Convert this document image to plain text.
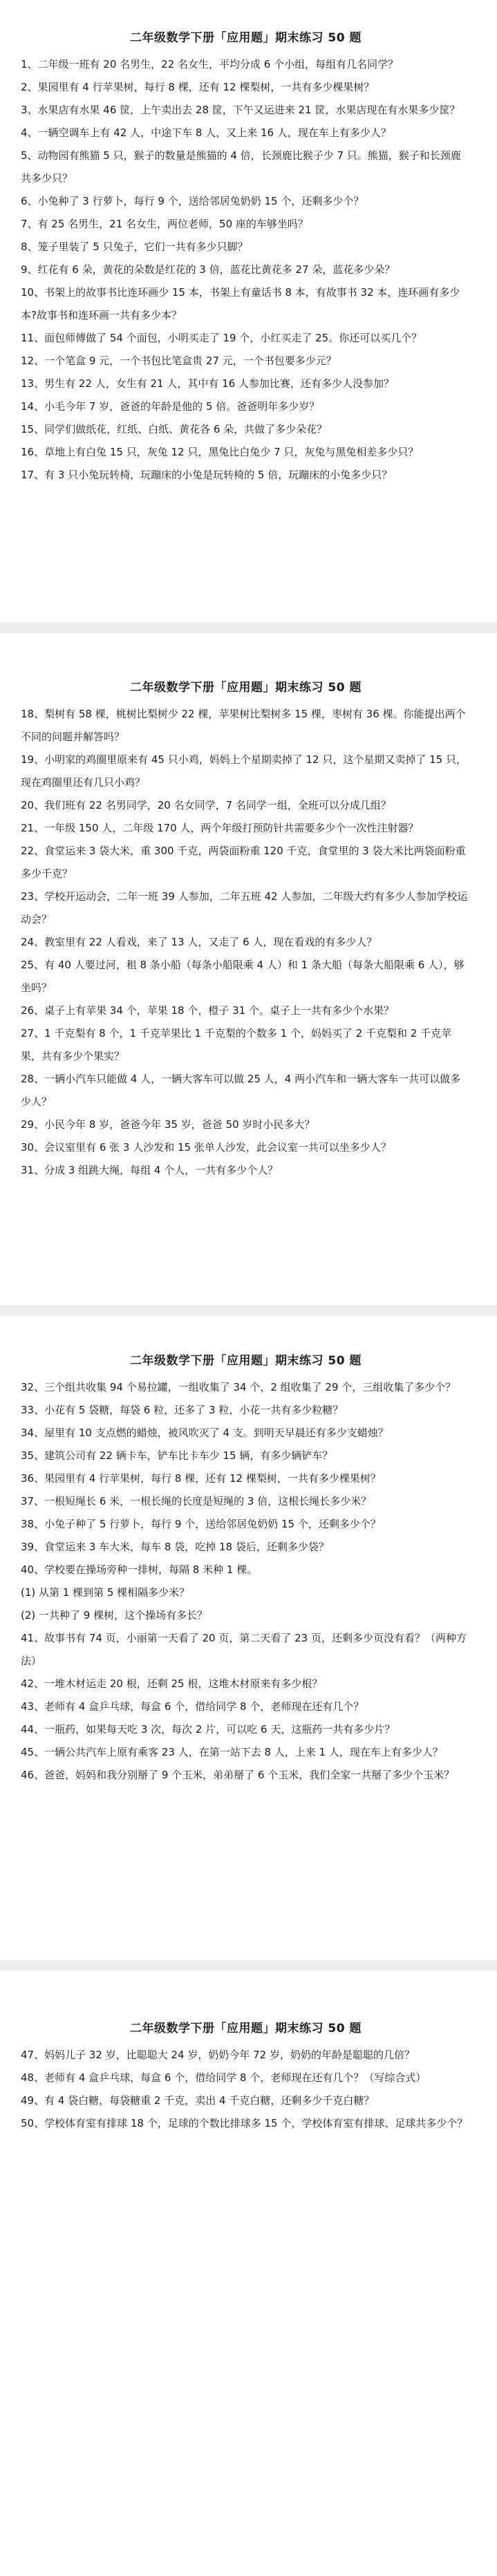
二年级数学下册「应用题」期末练习 50 题

1、二年级一班有 20 名男生，22 名女生，平均分成 6 个小组，每组有几名同学？

2、果园里有 4 行苹果树，每行 8 棵，还有 12 棵梨树，一共有多少棵果树？

3、水果店有水果 46 筐，上午卖出去 28 筐，下午又运进来 21 筐，水果店现在有水果多少筐？

4、一辆空调车上有 42 人，中途下车 8 人，又上来 16 人，现在车上有多少人？

5、动物园有熊猫 5 只，猴子的数量是熊猫的 4 倍，长颈鹿比猴子少 7 只。熊猫，猴子和长颈鹿共多少只？

6、小兔种了 3 行萝卜，每行 9 个，送给邻居兔奶奶 15 个，还剩多少个？

7、有 25 名男生，21 名女生，两位老师，50 座的车够坐吗？

8、笼子里装了 5 只兔子，它们一共有多少只脚？

9、红花有 6 朵，黄花的朵数是红花的 3 倍，蓝花比黄花多 27 朵，蓝花多少朵？

10、书架上的故事书比连环画少 15 本，书架上有童话书 8 本，有故事书 32 本，连环画有多少本?故事书和连环画一共有多少本？

11、面包师傅做了 54 个面包，小明买走了 19 个，小红买走了 25。你还可以买几个？

12、一个笔盒 9 元，一个书包比笔盒贵 27 元，一个书包要多少元？

13、男生有 22 人，女生有 21 人，其中有 16 人参加比赛，还有多少人没参加？

14、小毛今年 7 岁，爸爸的年龄是他的 5 倍。爸爸明年多少岁？

15、同学们做纸花，红纸、白纸、黄花各 6 朵，共做了多少朵花？

16、草地上有白兔 15 只，灰兔 12 只，黑兔比白兔少 7 只，灰兔与黑兔相差多少只？

17、有 3 只小兔玩转椅，玩蹦床的小兔是玩转椅的 5 倍，玩蹦床的小兔多少只？

二年级数学下册「应用题」期末练习 50 题

18、梨树有 58 棵，桃树比梨树少 22 棵，苹果树比梨树多 15 棵，枣树有 36 棵。你能提出两个不同的问题并解答吗？

19、小明家的鸡圈里原来有 45 只小鸡，妈妈上个星期卖掉了 12 只，这个星期又卖掉了 15 只，现在鸡圈里还有几只小鸡？

20、我们班有 22 名男同学，20 名女同学，7 名同学一组，全班可以分成几组？

21、一年级 150 人，二年级 170 人，两个年级打预防针共需要多少个一次性注射器？

22、食堂运来 3 袋大米，重 300 千克，两袋面粉重 120 千克，食堂里的 3 袋大米比两袋面粉重多少千克？

23、学校开运动会，二年一班 39 人参加，二年五班 42 人参加，二年级大约有多少人参加学校运动会？

24、教室里有 22 人看戏，来了 13 人，又走了 6 人，现在看戏的有多少人？

25、有 40 人要过河，租 8 条小船（每条小船限乘 4 人）和 1 条大船（每条大船限乘 6 人），够坐吗？

26、桌子上有苹果 34 个，苹果 18 个，橙子 31 个。桌子上一共有多少个水果？

27、1 千克梨有 8 个，1 千克苹果比 1 千克梨的个数多 1 个，妈妈买了 2 千克梨和 2 千克苹果，共有多少个果实？

28、一辆小汽车只能做 4 人，一辆大客车可以做 25 人，4 两小汽车和一辆大客车一共可以做多少人？

29、小民今年 8 岁，爸爸今年 35 岁，爸爸 50 岁时小民多大？

30、会议室里有 6 张 3 人沙发和 15 张单人沙发，此会议室一共可以坐多少人？

31、分成 3 组跳大绳，每组 4 个人，一共有多少个人？

二年级数学下册「应用题」期末练习 50 题

32、三个组共收集 94 个易拉罐，一组收集了 34 个，2 组收集了 29 个，三组收集了多少个？

33、小花有 5 袋糖，每袋 6 粒，还多了 3 粒，小花一共有多少粒糖？

34、屋里有 10 支点燃的蜡烛，被风吹灭了 4 支。到明天早晨还有多少支蜡烛？

35、建筑公司有 22 辆卡车，铲车比卡车少 15 辆，有多少辆铲车？

36、果园里有 4 行苹果树，每行 8 棵，还有 12 棵梨树，一共有多少棵果树？

37、一根短绳长 6 米，一根长绳的长度是短绳的 3 倍，这根长绳长多少米？

38、小兔子种了 5 行萝卜，每行 9 个，送给邻居兔奶奶 15 个，还剩多少个？

39、食堂运来 3 车大米，每车 8 袋，吃掉 18 袋后，还剩多少袋？

40、学校要在操场旁种一排树，每隔 8 米种 1 棵。

(1) 从第 1 棵到第 5 棵相隔多少米？

(2) 一共种了 9 棵树，这个操场有多长？

41、故事书有 74 页，小丽第一天看了 20 页，第二天看了 23 页，还剩多少页没有看？（两种方法）

42、一堆木材运走 20 根，还剩 25 根，这堆木材原来有多少根？

43、老师有 4 盒乒乓球，每盒 6 个，借给同学 8 个，老师现在还有几个？

44、一瓶药，如果每天吃 3 次，每次 2 片，可以吃 6 天，这瓶药一共有多少片？

45、一辆公共汽车上原有乘客 23 人，在第一站下去 8 人，上来 1 人，现在车上有多少人？

46、爸爸，妈妈和我分别掰了 9 个玉米，弟弟掰了 6 个玉米，我们全家一共掰了多少个玉米？

二年级数学下册「应用题」期末练习 50 题

47、妈妈儿子 32 岁，比聪聪大 24 岁，奶奶今年 72 岁，奶奶的年龄是聪聪的几倍？

48、老师有 4 盒乒乓球，每盒 6 个，借给同学 8 个，老师现在还有几个？（写综合式）

49、有 4 袋白糖，每袋糖重 2 千克，卖出 4 千克白糖，还剩多少千克白糖？

50、学校体育室有排球 18 个，足球的个数比排球多 15 个，学校体育室有排球、足球共多少个？
